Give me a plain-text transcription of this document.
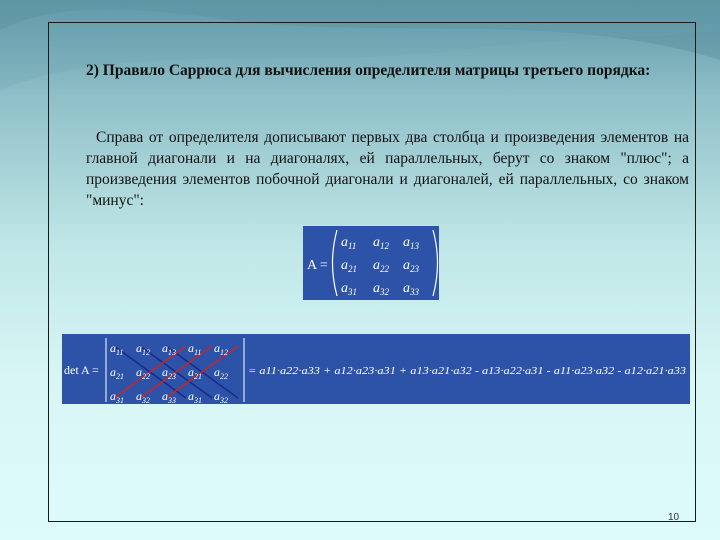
2) Правило Саррюса для вычисления определителя матрицы третьего порядка:
Справа от определителя дописывают первых два столбца и произведения элементов на главной диагонали и на диагоналях, ей параллельных, берут со знаком "плюс"; а произведения элементов побочной диагонали и диагоналей, ей параллельных, со знаком "минус":
A =
$a_{11}$ $a_{12}$ $a_{13}$
$a_{21}$ $a_{22}$ $a_{23}$
$a_{31}$ $a_{32}$ $a_{33}$
det A =
$a_{11}$ $a_{12}$ $a_{13}$ $a_{11}$ $a_{12}$
$a_{21}$ $a_{22}$ $a_{23}$ $a_{21}$ $a_{22}$
$a_{31}$ $a_{32}$ $a_{33}$ $a_{31}$ $a_{32}$
= a11·a22·a33 + a12·a23·a31 + a13·a21·a32 - a13·a22·a31 - a11·a23·a32 - a12·a21·a33
10
